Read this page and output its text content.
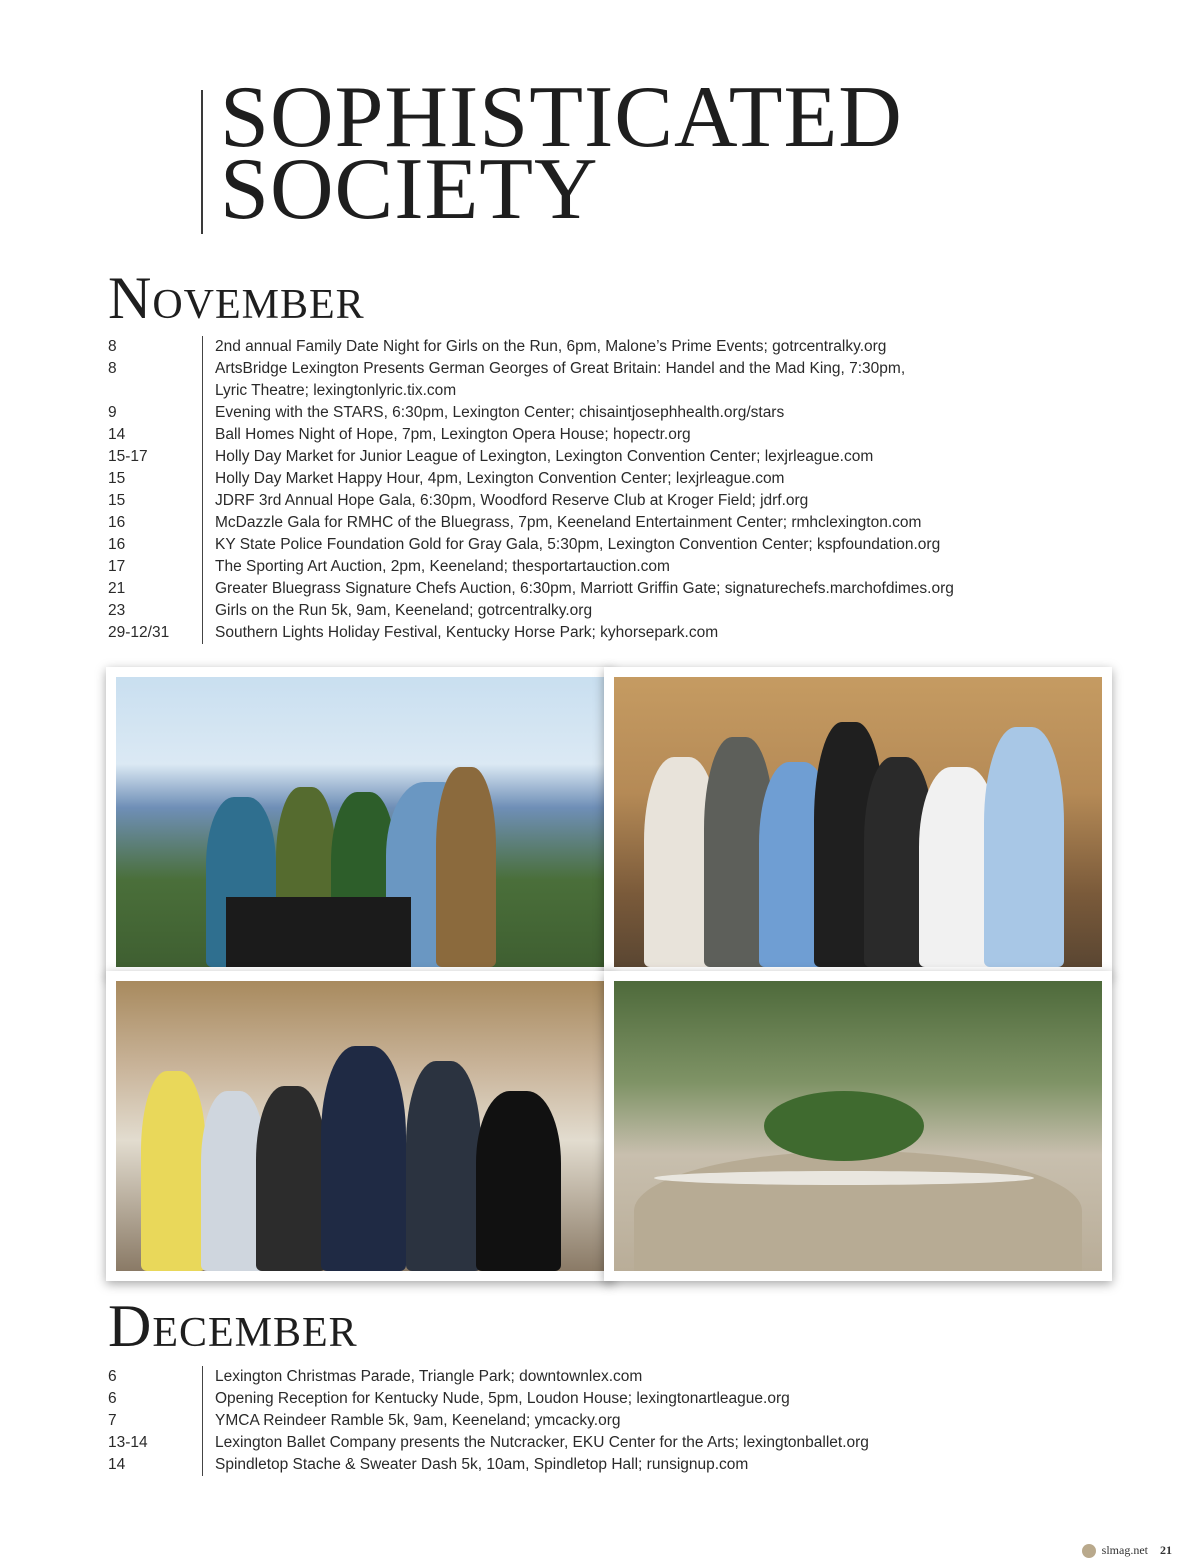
SOPHISTICATED
SOCIETY
November
8	2nd annual Family Date Night for Girls on the Run, 6pm, Malone’s Prime Events; gotrcentralky.org
8	ArtsBridge Lexington Presents German Georges of Great Britain: Handel and the Mad King, 7:30pm,
Lyric Theatre; lexingtonlyric.tix.com
9	Evening with the STARS, 6:30pm, Lexington Center; chisaintjosephhealth.org/stars
14	Ball Homes Night of Hope, 7pm, Lexington Opera House; hopectr.org
15-17	Holly Day Market for Junior League of Lexington, Lexington Convention Center; lexjrleague.com
15	Holly Day Market Happy Hour, 4pm, Lexington Convention Center; lexjrleague.com
15	JDRF 3rd Annual Hope Gala, 6:30pm, Woodford Reserve Club at Kroger Field; jdrf.org
16	McDazzle Gala for RMHC of the Bluegrass, 7pm, Keeneland Entertainment Center; rmhclexington.com
16	KY State Police Foundation Gold for Gray Gala, 5:30pm, Lexington Convention Center; kspfoundation.org
17	The Sporting Art Auction, 2pm, Keeneland; thesportartauction.com
21	Greater Bluegrass Signature Chefs Auction, 6:30pm, Marriott Griffin Gate; signaturechefs.marchofdimes.org
23	Girls on the Run 5k, 9am, Keeneland; gotrcentralky.org
29-12/31	Southern Lights Holiday Festival, Kentucky Horse Park; kyhorsepark.com
December
6	Lexington Christmas Parade, Triangle Park; downtownlex.com
6	Opening Reception for Kentucky Nude, 5pm, Loudon House; lexingtonartleague.org
7	YMCA Reindeer Ramble 5k, 9am, Keeneland; ymcacky.org
13-14	Lexington Ballet Company presents the Nutcracker, EKU Center for the Arts; lexingtonballet.org
14	Spindletop Stache & Sweater Dash 5k, 10am, Spindletop Hall; runsignup.com
slmag.net 21
